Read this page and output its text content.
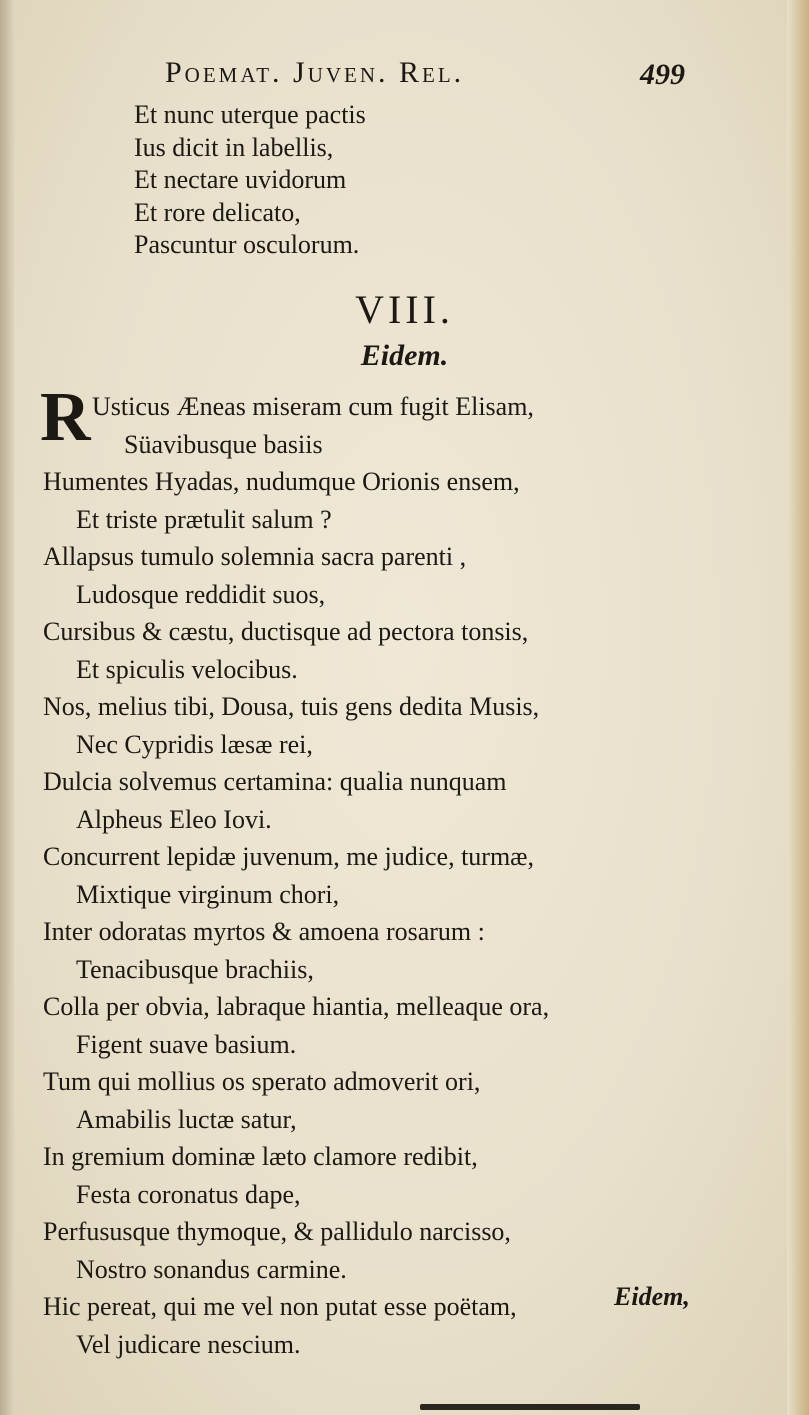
Poemat. Juven. Rel.	499
Et nunc uterque pactis
Ius dicit in labellis,
Et nectare uvidorum
Et rore delicato,
Pascuntur osculorum.
VIII.
Eidem.
R Usticus Æneas miseram cum fugit Elisam,
Süavibusque basiis
Humentes Hyadas, nudumque Orionis ensem,
Et triste prætulit salum ?
Allapsus tumulo solemnia sacra parenti ,
Ludosque reddidit suos,
Cursibus & cæstu, ductisque ad pectora tonsis,
Et spiculis velocibus.
Nos, melius tibi, Dousa, tuis gens dedita Musis,
Nec Cypridis læsæ rei,
Dulcia solvemus certamina: qualia nunquam
Alpheus Eleo Iovi.
Concurrent lepidæ juvenum, me judice, turmæ,
Mixtique virginum chori,
Inter odoratas myrtos & amoena rosarum :
Tenacibusque brachiis,
Colla per obvia, labraque hiantia, melleaque ora,
Figent suave basium.
Tum qui mollius os sperato admoverit ori,
Amabilis luctæ satur,
In gremium dominæ læto clamore redibit,
Festa coronatus dape,
Perfususque thymoque, & pallidulo narcisso,
Nostro sonandus carmine.
Hic pereat, qui me vel non putat esse poëtam,
Vel judicare nescium.
Eidem,
